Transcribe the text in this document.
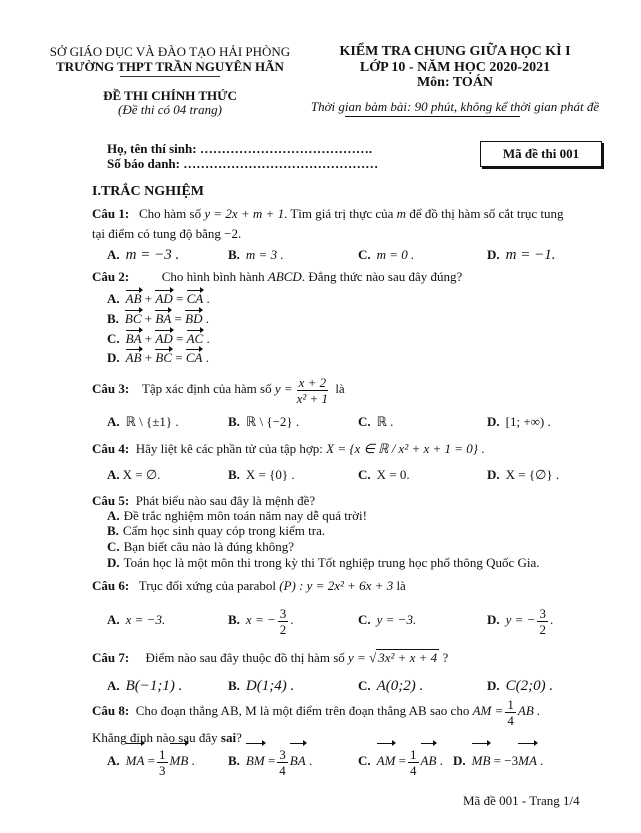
SỞ GIÁO DỤC VÀ ĐÀO TẠO HẢI PHÒNG
TRƯỜNG THPT TRẦN NGUYÊN HÃN
ĐỀ THI CHÍNH THỨC
(Đề thi có 04 trang)
KIỂM TRA CHUNG GIỮA HỌC KÌ I
LỚP 10 - NĂM HỌC 2020-2021
Môn: TOÁN
Thời gian bàm bài: 90 phút, không kể thời gian phát đề
Họ, tên thí sinh: ………………………………….
Số báo danh: ………………………………………
Mã đề thi 001
I.TRẮC NGHIỆM
Câu 1: Cho hàm số y = 2x + m + 1. Tìm giá trị thực của m để đồ thị hàm số cắt trục tung
tại điểm có tung độ bằng −2.
A. m = −3 .	B. m = 3 .	C. m = 0 .	D. m = −1.
Câu 2:	Cho hình bình hành ABCD. Đẳng thức nào sau đây đúng?
A. AB + AD = CA .
B. BC + BA = BD .
C. BA + AD = AC .
D. AB + BC = CA .
Câu 3: Tập xác định của hàm số $y = \frac{x + 2}{\text{x² + 1}}$ là
A. ℝ \ {±1} .	B. ℝ \ {−2} .	C. ℝ .	D. [1; +∞) .
Câu 4: Hãy liệt kê các phần tử của tập hợp: X = {x ∈ ℝ / x² + x + 1 = 0} .
A. X = ∅.	B. X = {0} .	C. X = 0.	D. X = {∅} .
Câu 5: Phát biểu nào sau đây là mệnh đề?
A. Đề trắc nghiệm môn toán năm nay dễ quá trời!
B. Cấm học sinh quay cóp trong kiểm tra.
C. Bạn biết câu nào là đúng không?
D. Toán học là một môn thi trong kỳ thi Tốt nghiệp trung học phổ thông Quốc Gia.
Câu 6: Trục đối xứng của parabol (P) : y = 2x² + 6x + 3 là
A. x = −3.	B. x = − $\frac{3}{2}$ .	C. y = −3.	D. y = − $\frac{3}{2}$ .
Câu 7: Điểm nào sau đây thuộc đồ thị hàm số y = √ 3x² + x + 4 ?
A. B(−1;1) .	B. D(1;4) .	C. A(0;2) .	D. C(2;0) .
Câu 8: Cho đoạn thẳng AB, M là một điểm trên đoạn thẳng AB sao cho AM = $\frac{1}{4}$ AB .
Khẳng định nào sau đây sai?
A. MA = $\frac{1}{3}$ MB .	B. BM = $\frac{3}{4}$ BA .	C. AM = $\frac{1}{4}$ AB . D. MB = −3MA .
Mã đề 001 - Trang 1/4
